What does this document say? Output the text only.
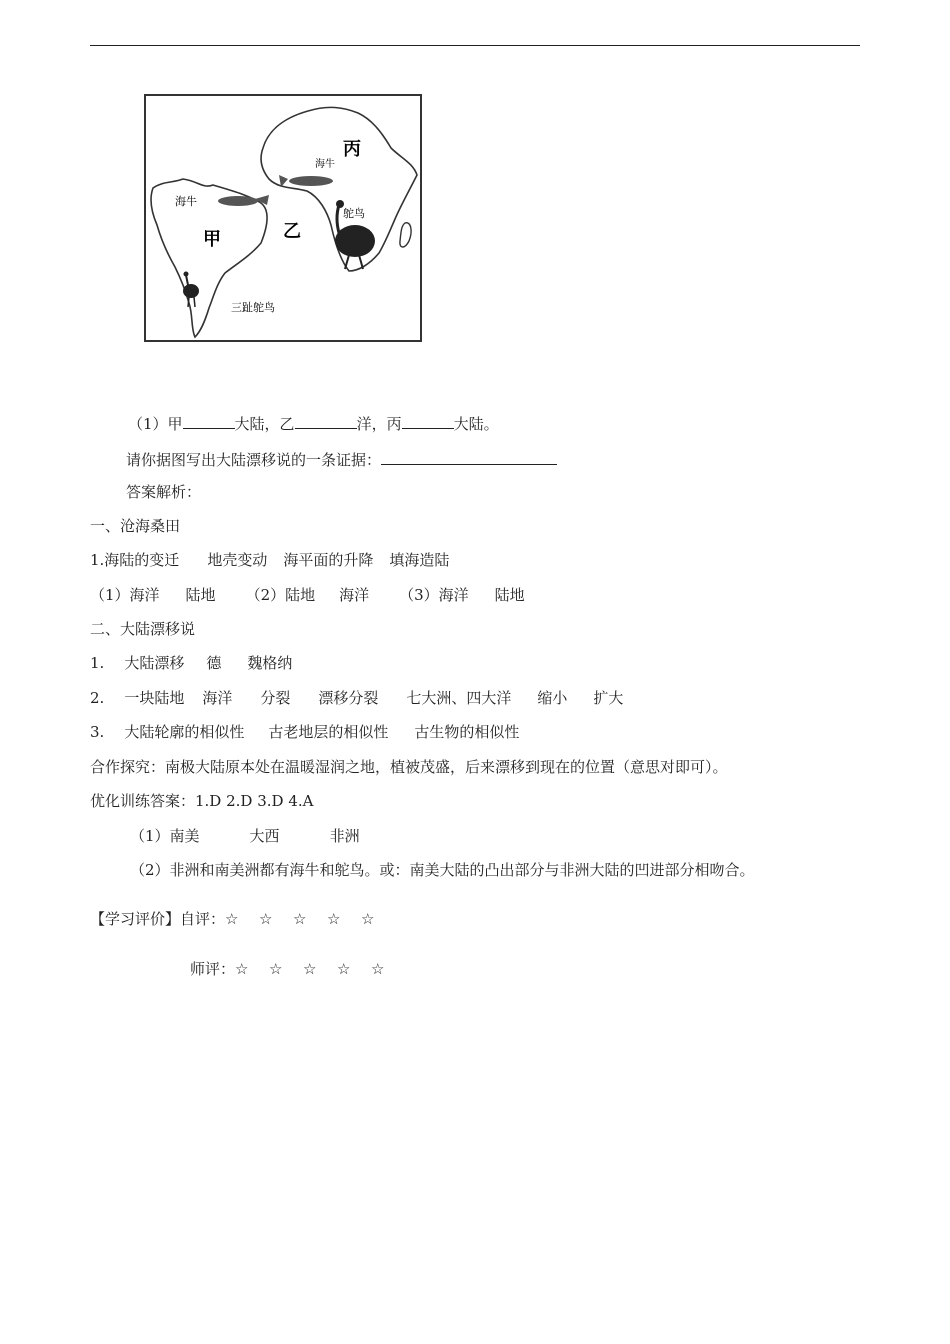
甲	乙
丙
海牛
海牛
鸵鸟
三趾鸵鸟
（1）甲	大陆，乙	洋，丙	大陆。
请你据图写出大陆漂移说的一条证据：
答案解析：
一、沧海桑田
1.海陆的变迁 地壳变动 海平面的升降 填海造陆
（1）海洋 陆地 （2）陆地 海洋 （3）海洋 陆地
二、大陆漂移说
1. 大陆漂移 德 魏格纳
2. 一块陆地 海洋 分裂 漂移分裂 七大洲、四大洋 缩小 扩大
3. 大陆轮廓的相似性 古老地层的相似性 古生物的相似性
合作探究：南极大陆原本处在温暖湿润之地，植被茂盛，后来漂移到现在的位置（意思对即可）。
优化训练答案：1.D 2.D 3.D 4.A
（1）南美	大西	非洲
（2）非洲和南美洲都有海牛和鸵鸟。或：南美大陆的凸出部分与非洲大陆的凹进部分相吻合。
【学习评价】自评：☆ ☆ ☆ ☆ ☆
师评：☆ ☆ ☆ ☆ ☆
